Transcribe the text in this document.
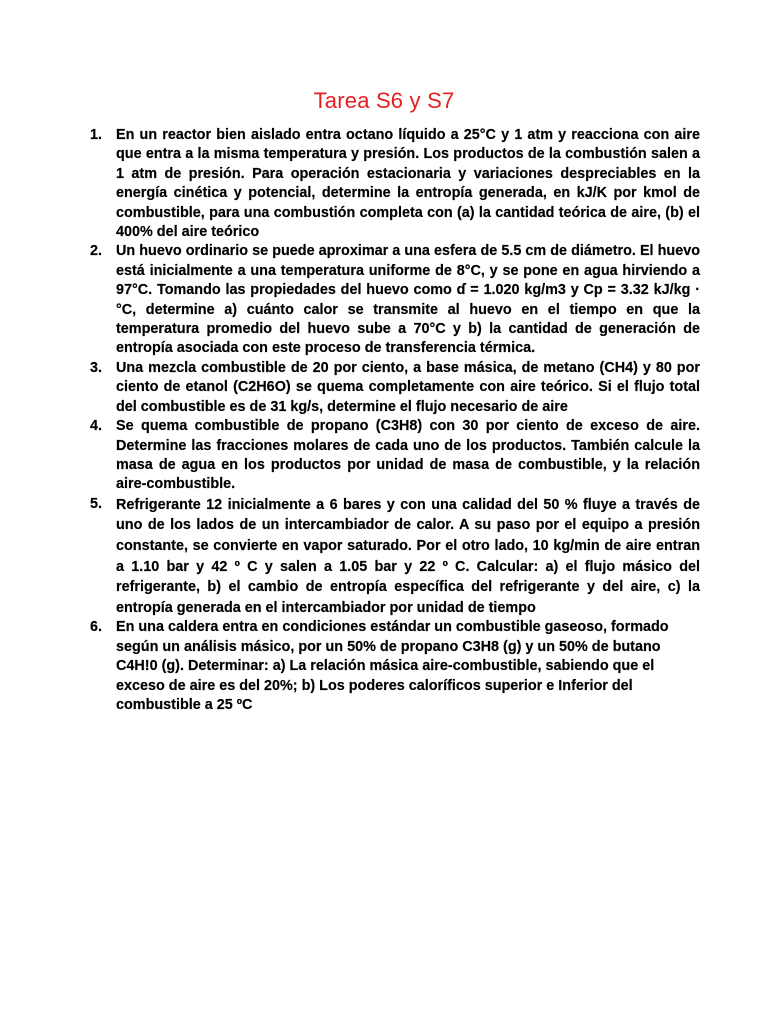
Tarea S6 y S7
1. En un reactor bien aislado entra octano líquido a 25°C y 1 atm y reacciona con aire que entra a la misma temperatura y presión. Los productos de la combustión salen a 1 atm de presión. Para operación estacionaria y variaciones despreciables en la energía cinética y potencial, determine la entropía generada, en kJ/K por kmol de combustible, para una combustión completa con (a) la cantidad teórica de aire, (b) el 400% del aire teórico
2. Un huevo ordinario se puede aproximar a una esfera de 5.5 cm de diámetro. El huevo está inicialmente a una temperatura uniforme de 8°C, y se pone en agua hirviendo a 97°C. Tomando las propiedades del huevo como ɗ = 1.020 kg/m3 y Cp = 3.32 kJ/kg · °C, determine a) cuánto calor se transmite al huevo en el tiempo en que la temperatura promedio del huevo sube a 70°C y b) la cantidad de generación de entropía asociada con este proceso de transferencia térmica.
3. Una mezcla combustible de 20 por ciento, a base másica, de metano (CH4) y 80 por ciento de etanol (C2H6O) se quema completamente con aire teórico. Si el flujo total del combustible es de 31 kg/s, determine el flujo necesario de aire
4. Se quema combustible de propano (C3H8) con 30 por ciento de exceso de aire. Determine las fracciones molares de cada uno de los productos. También calcule la masa de agua en los productos por unidad de masa de combustible, y la relación aire-combustible.
5. Refrigerante 12 inicialmente a 6 bares y con una calidad del 50 % fluye a través de uno de los lados de un intercambiador de calor. A su paso por el equipo a presión constante, se convierte en vapor saturado. Por el otro lado, 10 kg/min de aire entran a 1.10 bar y 42 º C y salen a 1.05 bar y 22 º C. Calcular: a) el flujo másico del refrigerante, b) el cambio de entropía específica del refrigerante y del aire, c) la entropía generada en el intercambiador por unidad de tiempo
6. En una caldera entra en condiciones estándar un combustible gaseoso, formado según un análisis másico, por un 50% de propano C3H8 (g) y un 50% de butano C4H!0 (g). Determinar: a) La relación másica aire-combustible, sabiendo que el exceso de aire es del 20%; b) Los poderes caloríficos superior e Inferior del combustible a 25 ºC
